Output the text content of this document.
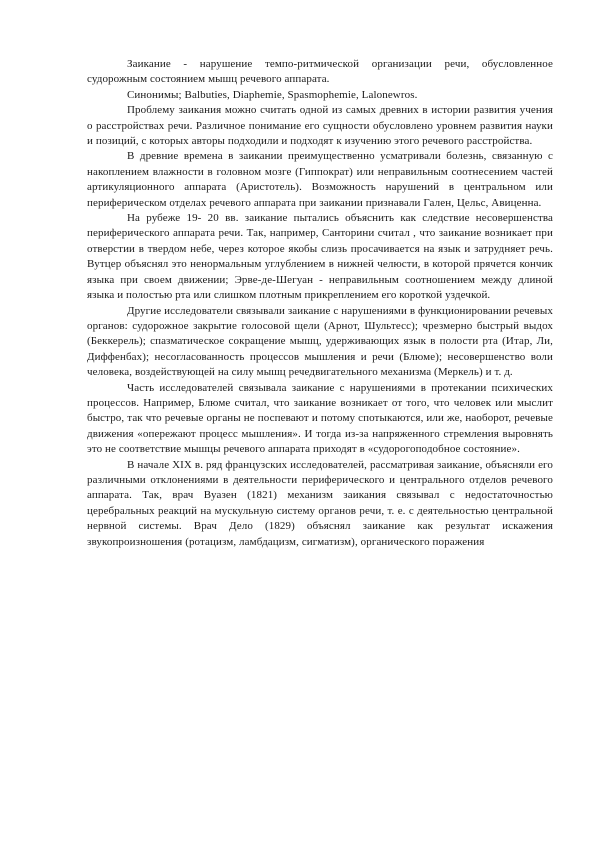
Заикание - нарушение темпо-ритмической организации речи, обусловленное судорожным состоянием мышц речевого аппарата.

Синонимы; Balbuties, Diaphemie, Spasmophemie, Lalonewros.

Проблему заикания можно считать одной из самых древних в истории развития учения о расстройствах речи. Различное понимание его сущности обусловлено уровнем развития науки и позиций, с которых авторы подходили и подходят к изучению этого речевого расстройства.

В древние времена в заикании преимущественно усматривали болезнь, связанную с накоплением влажности в головном мозге (Гиппократ) или неправильным соотнесением частей артикуляционного аппарата (Аристотель). Возможность нарушений в центральном или периферическом отделах речевого аппарата при заикании признавали Гален, Цельс, Авиценна.

На рубеже 19- 20 вв. заикание пытались объяснить как следствие несовершенства периферического аппарата речи. Так, например, Санторини считал , что заикание возникает при отверстии в твердом небе, через которое якобы слизь просачивается на язык и затрудняет речь. Вутцер объяснял это ненормальным углублением в нижней челюсти, в которой прячется кончик языка при своем движении; Эрве-де-Шегуан - неправильным соотношением между длиной языка и полостью рта или слишком плотным прикреплением его короткой уздечкой.

Другие исследователи связывали заикание с нарушениями в функционировании речевых органов: судорожное закрытие голосовой щели (Арнот, Шультесс); чрезмерно быстрый выдох (Беккерель); спазматическое сокращение мышц, удерживающих язык в полости рта (Итар, Ли, Диффенбах); несогласованность процессов мышления и речи (Блюме); несовершенство воли человека, воздействующей на силу мышц речедвигательного механизма (Меркель) и т. д.

Часть исследователей связывала заикание с нарушениями в протекании психических процессов. Например, Блюме считал, что заикание возникает от того, что человек или мыслит быстро, так что речевые органы не поспевают и потому спотыкаются, или же, наоборот, речевые движения «опережают процесс мышления». И тогда из-за напряженного стремления выровнять это не соответствие мышцы речевого аппарата приходят в «судорогоподобное состояние».

В начале XIX в. ряд французских исследователей, рассматривая заикание, объясняли его различными отклонениями в деятельности периферического и центрального отделов речевого аппарата. Так, врач Вуазен (1821) механизм заикания связывал с недостаточностью церебральных реакций на мускульную систему органов речи, т. е. с деятельностью центральной нервной системы. Врач Дело (1829) объяснял заикание как результат искажения звукопроизношения (ротацизм, ламбдацизм, сигматизм), органического поражения
